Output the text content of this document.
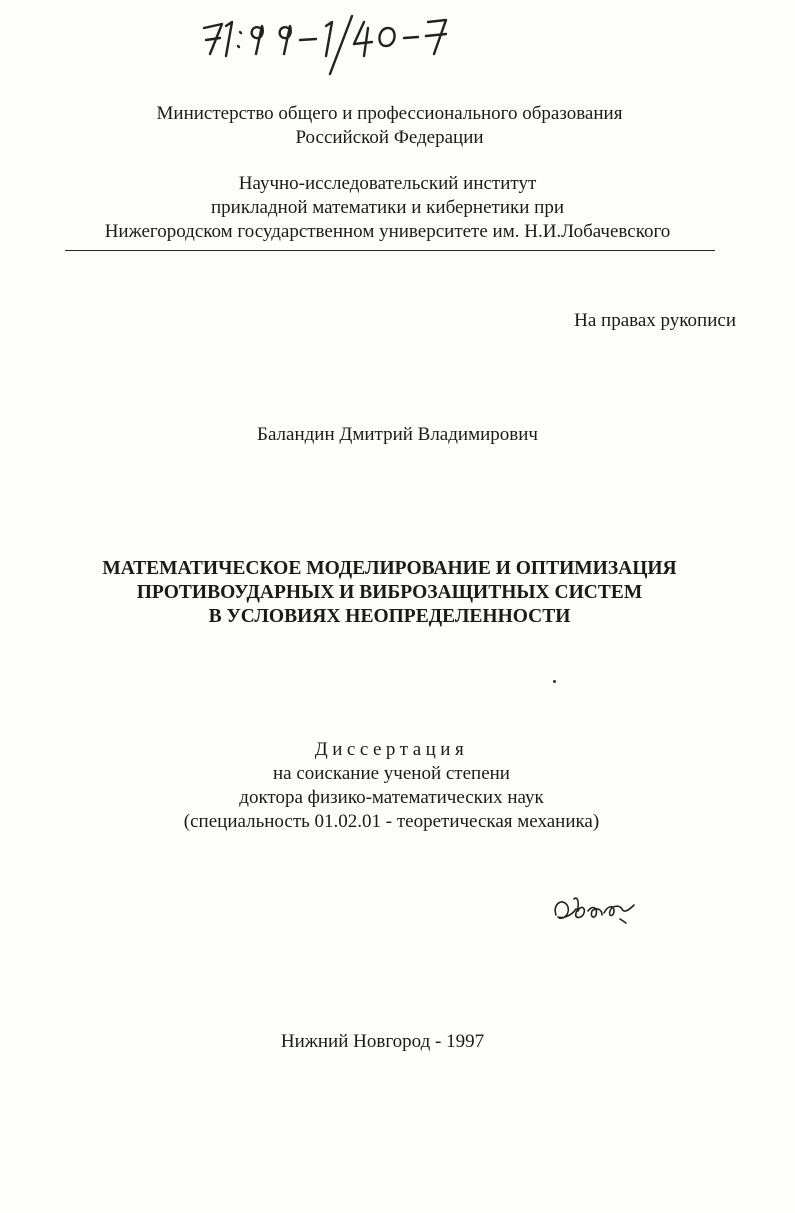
Министерство общего и профессионального образования
Российской Федерации
Научно-исследовательский институт
прикладной математики и кибернетики при
Нижегородском государственном университете им. Н.И.Лобачевского
На правах рукописи
Баландин Дмитрий Владимирович
МАТЕМАТИЧЕСКОЕ МОДЕЛИРОВАНИЕ И ОПТИМИЗАЦИЯ
ПРОТИВОУДАРНЫХ И ВИБРОЗАЩИТНЫХ СИСТЕМ
В УСЛОВИЯХ НЕОПРЕДЕЛЕННОСТИ
Диссертация
на соискание ученой степени
доктора физико-математических наук
(специальность 01.02.01 - теоретическая механика)
Нижний Новгород - 1997
